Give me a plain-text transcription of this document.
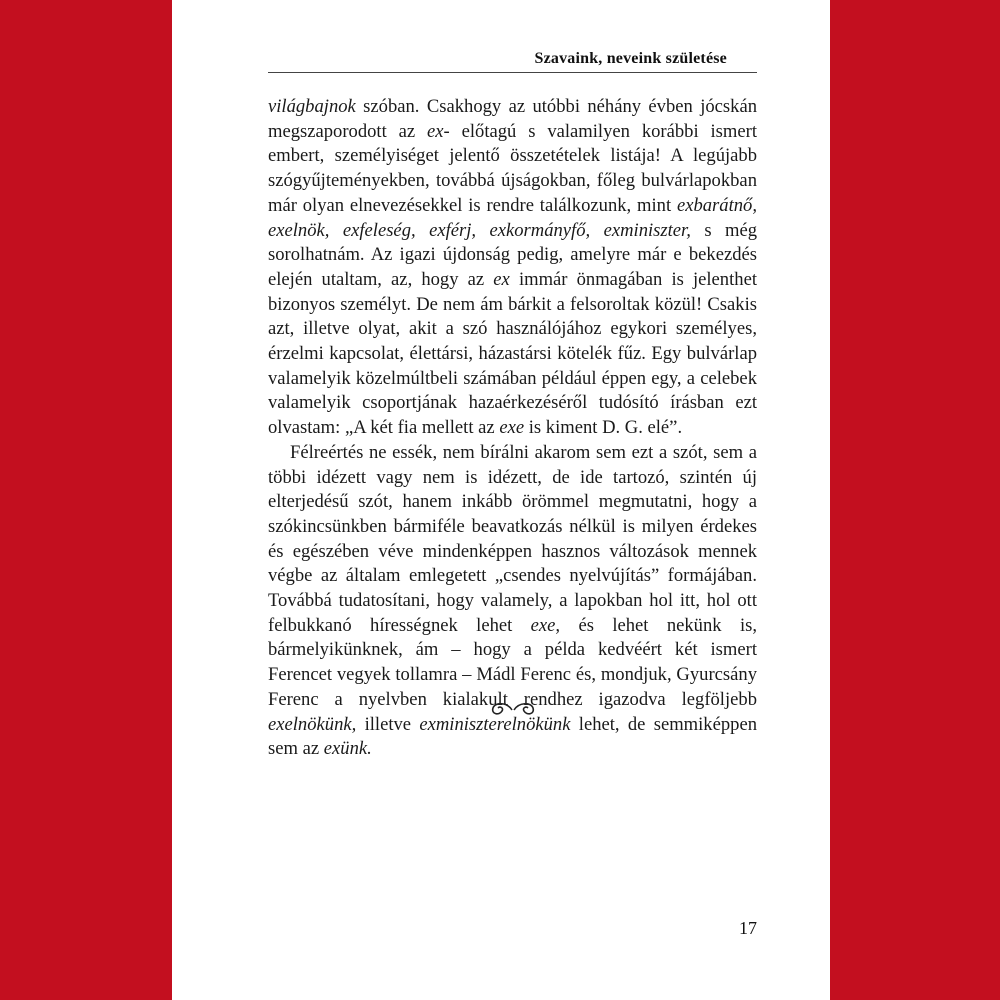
Szavaink, neveink születése

világbajnok szóban. Csakhogy az utóbbi néhány évben jócskán megszaporodott az ex- előtagú s valamilyen korábbi ismert embert, személyiséget jelentő összetételek listája! A legújabb szógyűjteményekben, továbbá újságokban, főleg bulvárlapokban már olyan elnevezésekkel is rendre találkozunk, mint exbarátnő, exelnök, exfeleség, exférj, exkormányfő, exminiszter, s még sorolhatnám. Az igazi újdonság pedig, amelyre már e bekezdés elején utaltam, az, hogy az ex immár önmagában is jelenthet bizonyos személyt. De nem ám bárkit a felsoroltak közül! Csakis azt, illetve olyat, akit a szó használójához egykori személyes, érzelmi kapcsolat, élettársi, házastársi kötelék fűz. Egy bulvárlap valamelyik közelmúltbeli számában például éppen egy, a celebek valamelyik csoportjának hazaérkezéséről tudósító írásban ezt olvastam: „A két fia mellett az exe is kiment D. G. elé”.

Félreértés ne essék, nem bírálni akarom sem ezt a szót, sem a többi idézett vagy nem is idézett, de ide tartozó, szintén új elterjedésű szót, hanem inkább örömmel megmutatni, hogy a szókincsünkben bármiféle beavatkozás nélkül is milyen érdekes és egészében véve mindenképpen hasznos változások mennek végbe az általam emlegetett „csendes nyelvújítás” formájában. Továbbá tudatosítani, hogy valamely, a lapokban hol itt, hol ott felbukkanó hírességnek lehet exe, és lehet nekünk is, bármelyikünknek, ám – hogy a példa kedvéért két ismert Ferencet vegyek tollamra – Mádl Ferenc és, mondjuk, Gyurcsány Ferenc a nyelvben kialakult rendhez igazodva legföljebb exelnökünk, illetve exminiszterelnökünk lehet, de semmiképpen sem az exünk.

17
